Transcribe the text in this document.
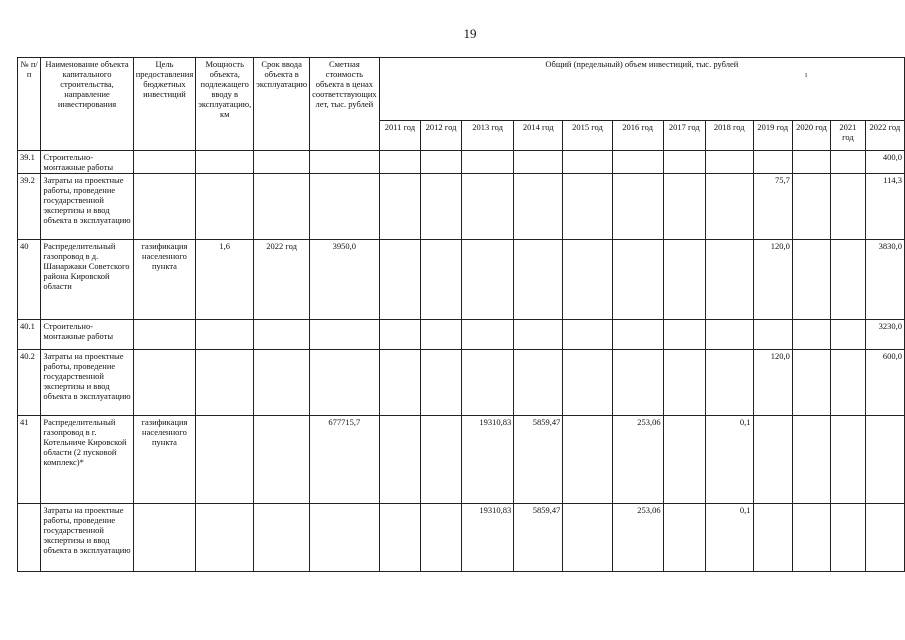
19
№ п/п	Наименование объекта капитального строительства, направление инвестирования	Цель предоставления бюджетных инвестиций	Мощность объекта, подлежащего вводу в эксплуатацию, км	Срок ввода объекта в эксплуатацию	Сметная стоимость объекта в ценах соответствующих лет, тыс. рублей	Общий (предельный) объем инвестиций, тыс. рублей											
						2011 год	2012 год	2013 год	2014 год	2015 год	2016 год	2017 год	2018 год	2019 год	2020 год	2021 год	2022 год
39.1	Строительно-монтажные работы																400,0
39.2	Затраты на проектные работы, проведение государственной экспертизы и ввод объекта в эксплуатацию													75,7			114,3
40	Распределительный газопровод в д. Шанаржаки Советского района Кировской области	газификация населенного пункта	1,6	2022 год	3950,0									120,0			3830,0
40.1	Строительно-монтажные работы																3230,0
40.2	Затраты на проектные работы, проведение государственной экспертизы и ввод объекта в эксплуатацию													120,0			600,0
41	Распределительный газопровод в г. Котельниче Кировской области (2 пусковой комплекс)*	газификация населенного пункта			677715,7			19310,83	5859,47		253,06		0,1				
	Затраты на проектные работы, проведение государственной экспертизы и ввод объекта в эксплуатацию							19310,83	5859,47		253,06		0,1				
ı
